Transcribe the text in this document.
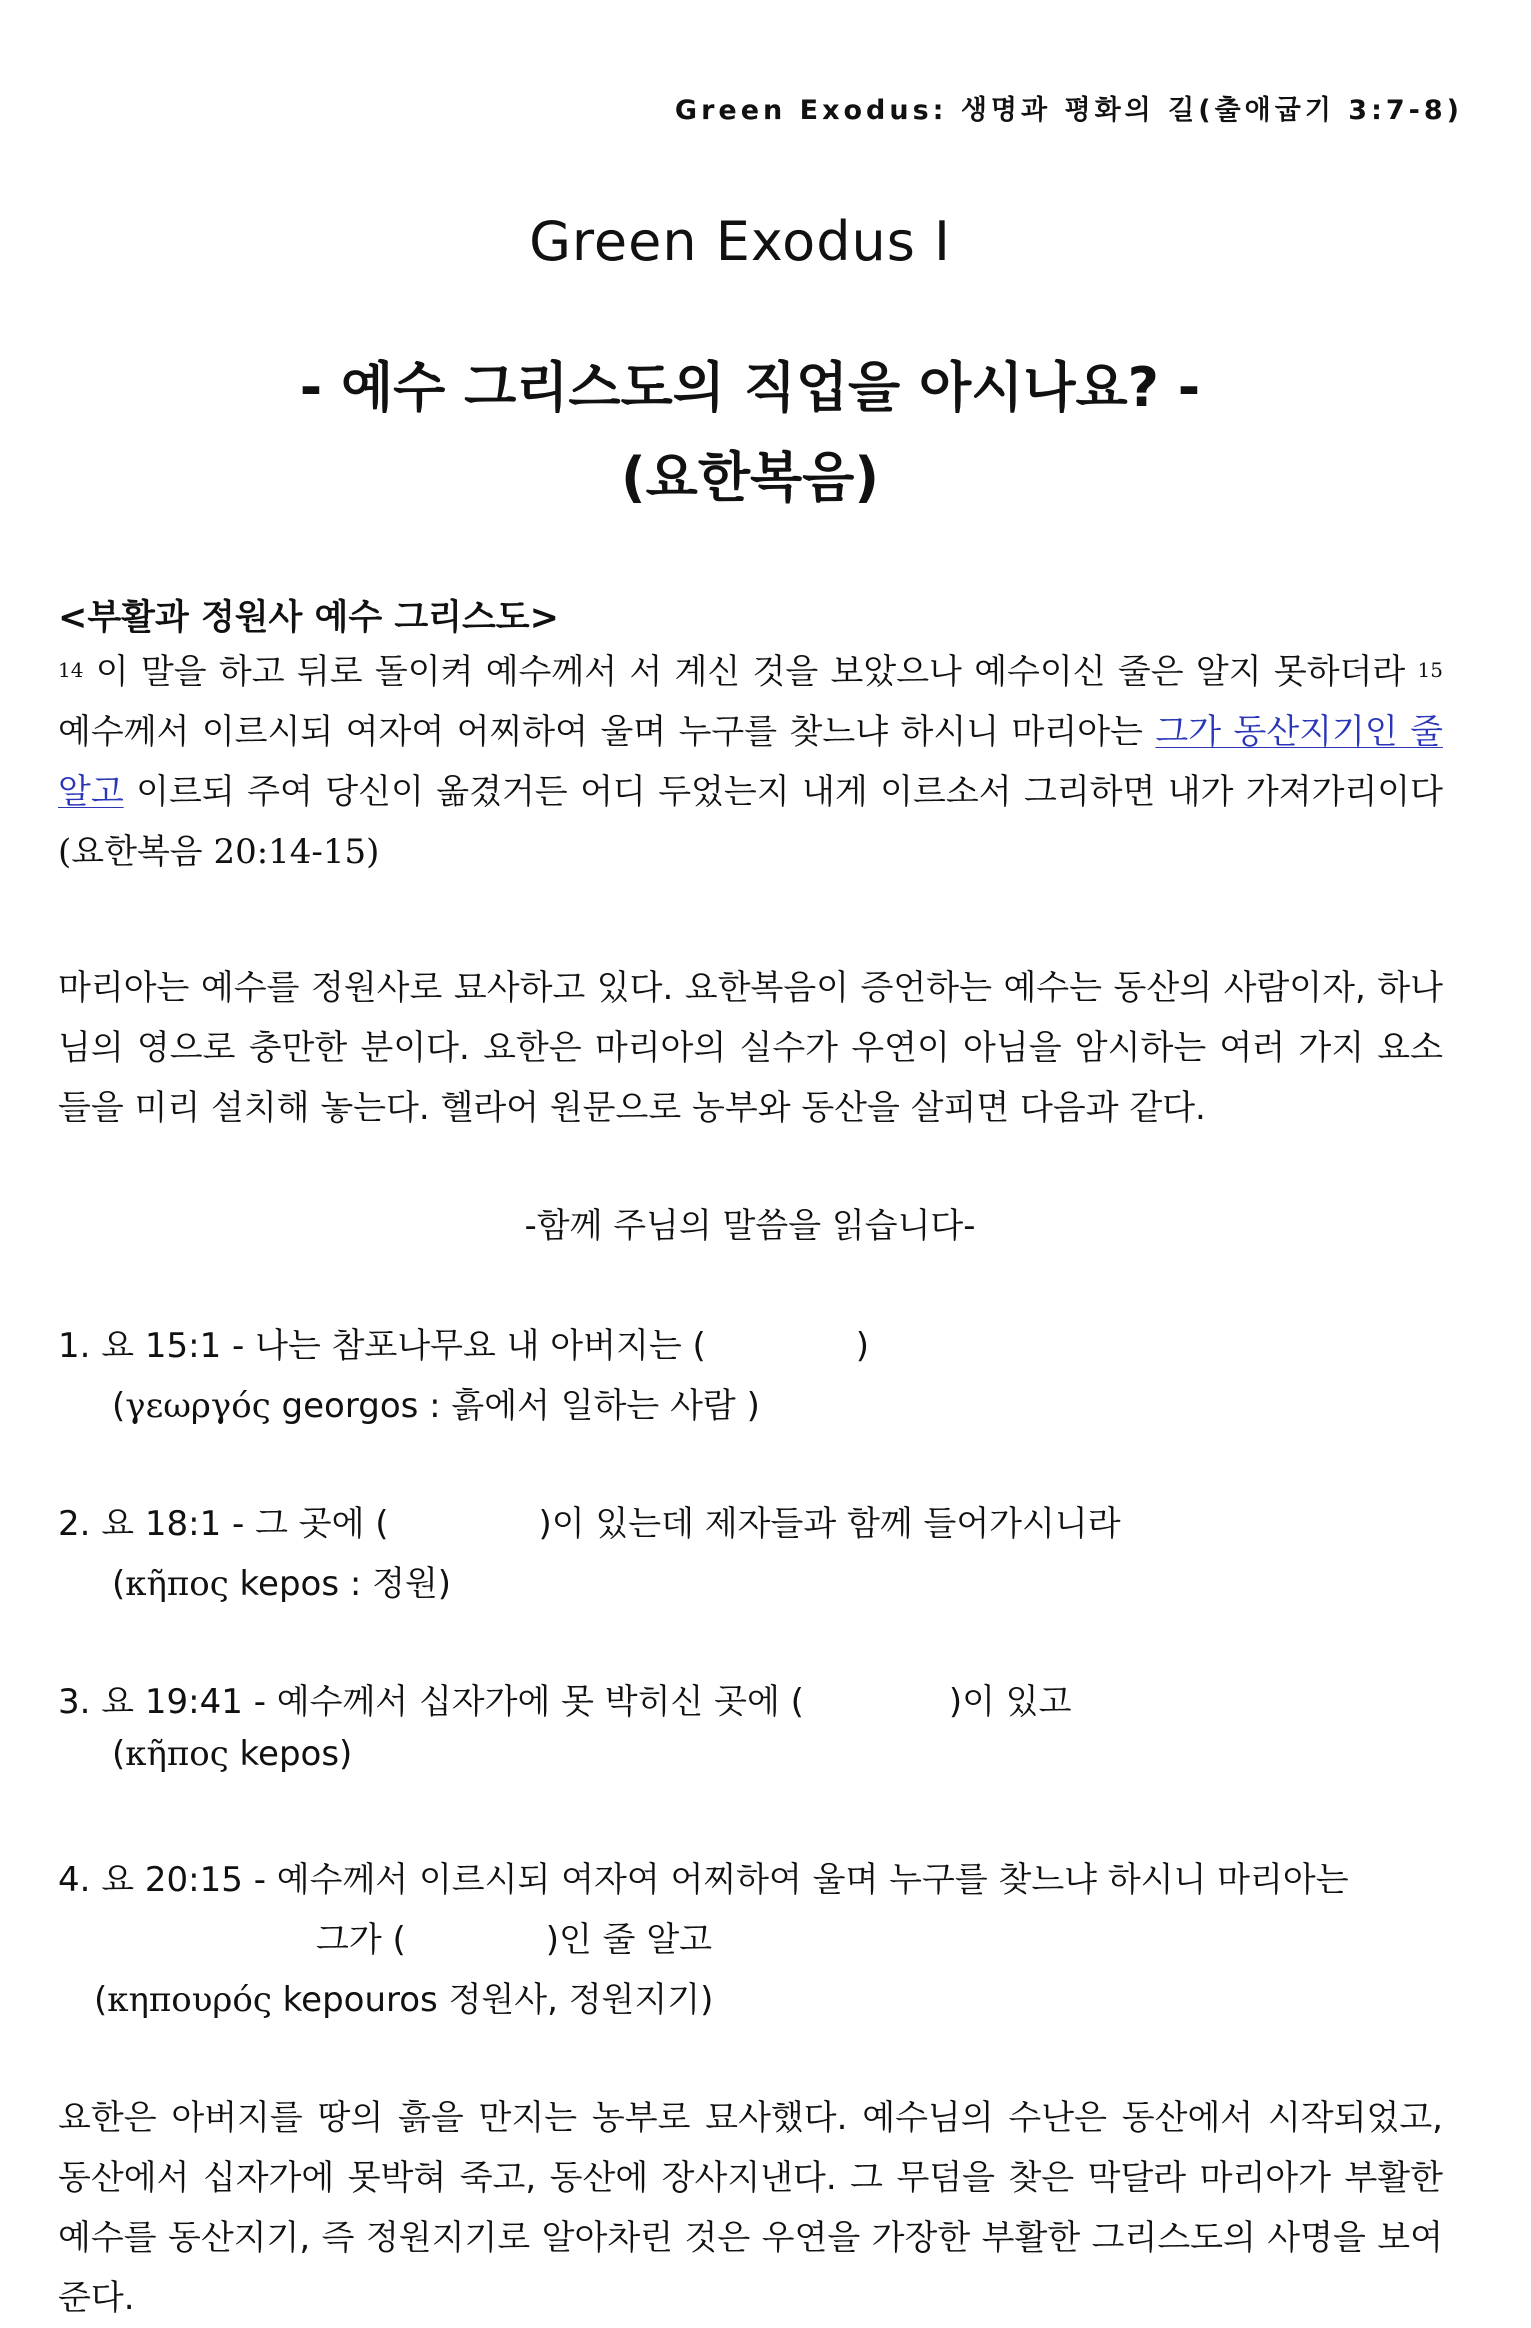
Green Exodus: 생명과 평화의 길(출애굽기 3:7-8)
Green Exodus I
- 예수 그리스도의 직업을 아시나요? -
(요한복음)
<부활과 정원사 예수 그리스도>
$^{14}$ 이 말을 하고 뒤로 돌이켜 예수께서 서 계신 것을 보았으나 예수이신 줄은 알지 못하더라 $^{15}$ 예수께서 이르시되 여자여 어찌하여 울며 누구를 찾느냐 하시니 마리아는 그가 동산지기인 줄 알고 이르되 주여 당신이 옮겼거든 어디 두었는지 내게 이르소서 그리하면 내가 가져가리이다(요한복음 20:14-15)
마리아는 예수를 정원사로 묘사하고 있다. 요한복음이 증언하는 예수는 동산의 사람이자, 하나님의 영으로 충만한 분이다. 요한은 마리아의 실수가 우연이 아님을 암시하는 여러 가지 요소들을 미리 설치해 놓는다. 헬라어 원문으로 농부와 동산을 살피면 다음과 같다.
-함께 주님의 말씀을 읽습니다-
1. 요 15:1 - 나는 참포나무요 내 아버지는 (	)
(γεωργός georgos : 흙에서 일하는 사람 )
2. 요 18:1 - 그 곳에 (	)이 있는데 제자들과 함께 들어가시니라
(κῆπος kepos : 정원)
3. 요 19:41 - 예수께서 십자가에 못 박히신 곳에 (	)이 있고
(κῆπος kepos)
4. 요 20:15 - 예수께서 이르시되 여자여 어찌하여 울며 누구를 찾느냐 하시니 마리아는
그가 (	)인 줄 알고
(κηπουρός kepouros 정원사, 정원지기)
요한은 아버지를 땅의 흙을 만지는 농부로 묘사했다. 예수님의 수난은 동산에서 시작되었고, 동산에서 십자가에 못박혀 죽고, 동산에 장사지낸다. 그 무덤을 찾은 막달라 마리아가 부활한 예수를 동산지기, 즉 정원지기로 알아차린 것은 우연을 가장한 부활한 그리스도의 사명을 보여준다.
